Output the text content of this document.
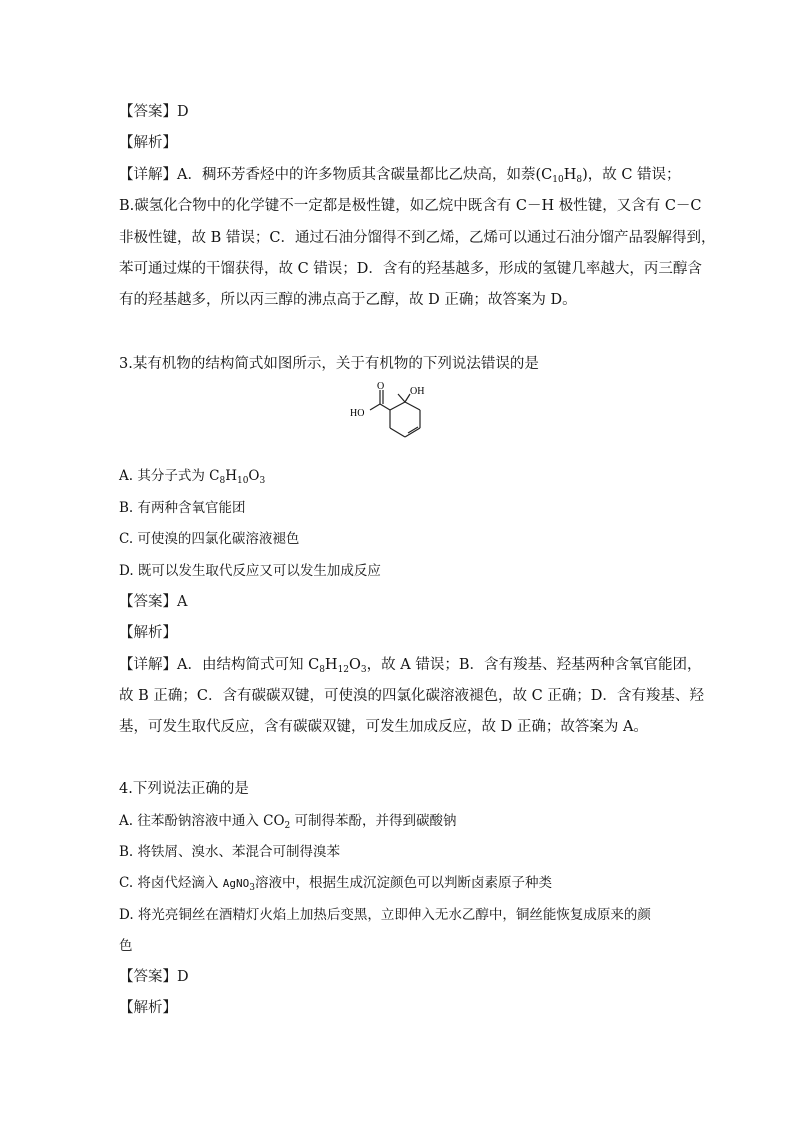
【答案】D
【解析】
【详解】A．稠环芳香烃中的许多物质其含碳量都比乙炔高，如萘$(C_{10}H_8)$，故 C 错误；
B.碳氢化合物中的化学键不一定都是极性键，如乙烷中既含有 C－H 极性键，又含有 C－C
非极性键，故 B 错误；C．通过石油分馏得不到乙烯，乙烯可以通过石油分馏产品裂解得到，
苯可通过煤的干馏获得，故 C 错误；D．含有的羟基越多，形成的氢键几率越大，丙三醇含
有的羟基越多，所以丙三醇的沸点高于乙醇，故 D 正确；故答案为 D。
3.某有机物的结构简式如图所示，关于有机物的下列说法错误的是
O	OH
HO
A. 其分子式为 $C_8H_{10}O_3$
B. 有两种含氧官能团
C. 可使溴的四氯化碳溶液褪色
D. 既可以发生取代反应又可以发生加成反应
【答案】A
【解析】
【详解】A．由结构简式可知 $C_8H_{12}O_3$，故 A 错误；B．含有羧基、羟基两种含氧官能团，
故 B 正确；C．含有碳碳双键，可使溴的四氯化碳溶液褪色，故 C 正确；D．含有羧基、羟
基，可发生取代反应，含有碳碳双键，可发生加成反应，故 D 正确；故答案为 A。
4.下列说法正确的是
A. 往苯酚钠溶液中通入 $CO_2$ 可制得苯酚，并得到碳酸钠
B. 将铁屑、溴水、苯混合可制得溴苯
C. 将卤代烃滴入 AgNO$_3$溶液中，根据生成沉淀颜色可以判断卤素原子种类
D. 将光亮铜丝在酒精灯火焰上加热后变黑，立即伸入无水乙醇中，铜丝能恢复成原来的颜
色
【答案】D
【解析】
